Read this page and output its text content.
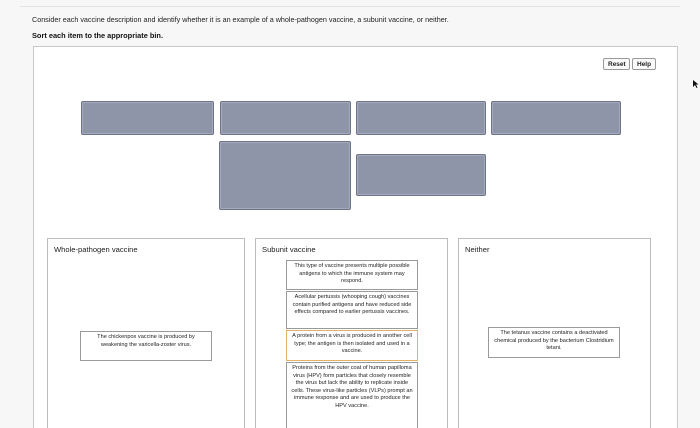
Consider each vaccine description and identify whether it is an example of a whole-pathogen vaccine, a subunit vaccine, or neither.
Sort each item to the appropriate bin.
Reset	Help
Whole-pathogen vaccine
The chickenpox vaccine is produced by weakening the varicella-zoster virus.
Subunit vaccine
This type of vaccine presents multiple possible antigens to which the immune system may respond.
Acellular pertussis (whooping cough) vaccines contain purified antigens and have reduced side effects compared to earlier pertussis vaccines.
A protein from a virus is produced in another cell type; the antigen is then isolated and used in a vaccine.
Proteins from the outer coat of human papilloma virus (HPV) form particles that closely resemble the virus but lack the ability to replicate inside cells. These virus-like particles (VLPs) prompt an immune response and are used to produce the HPV vaccine.
Neither
The tetanus vaccine contains a deactivated chemical produced by the bacterium Clostridium tetani.
